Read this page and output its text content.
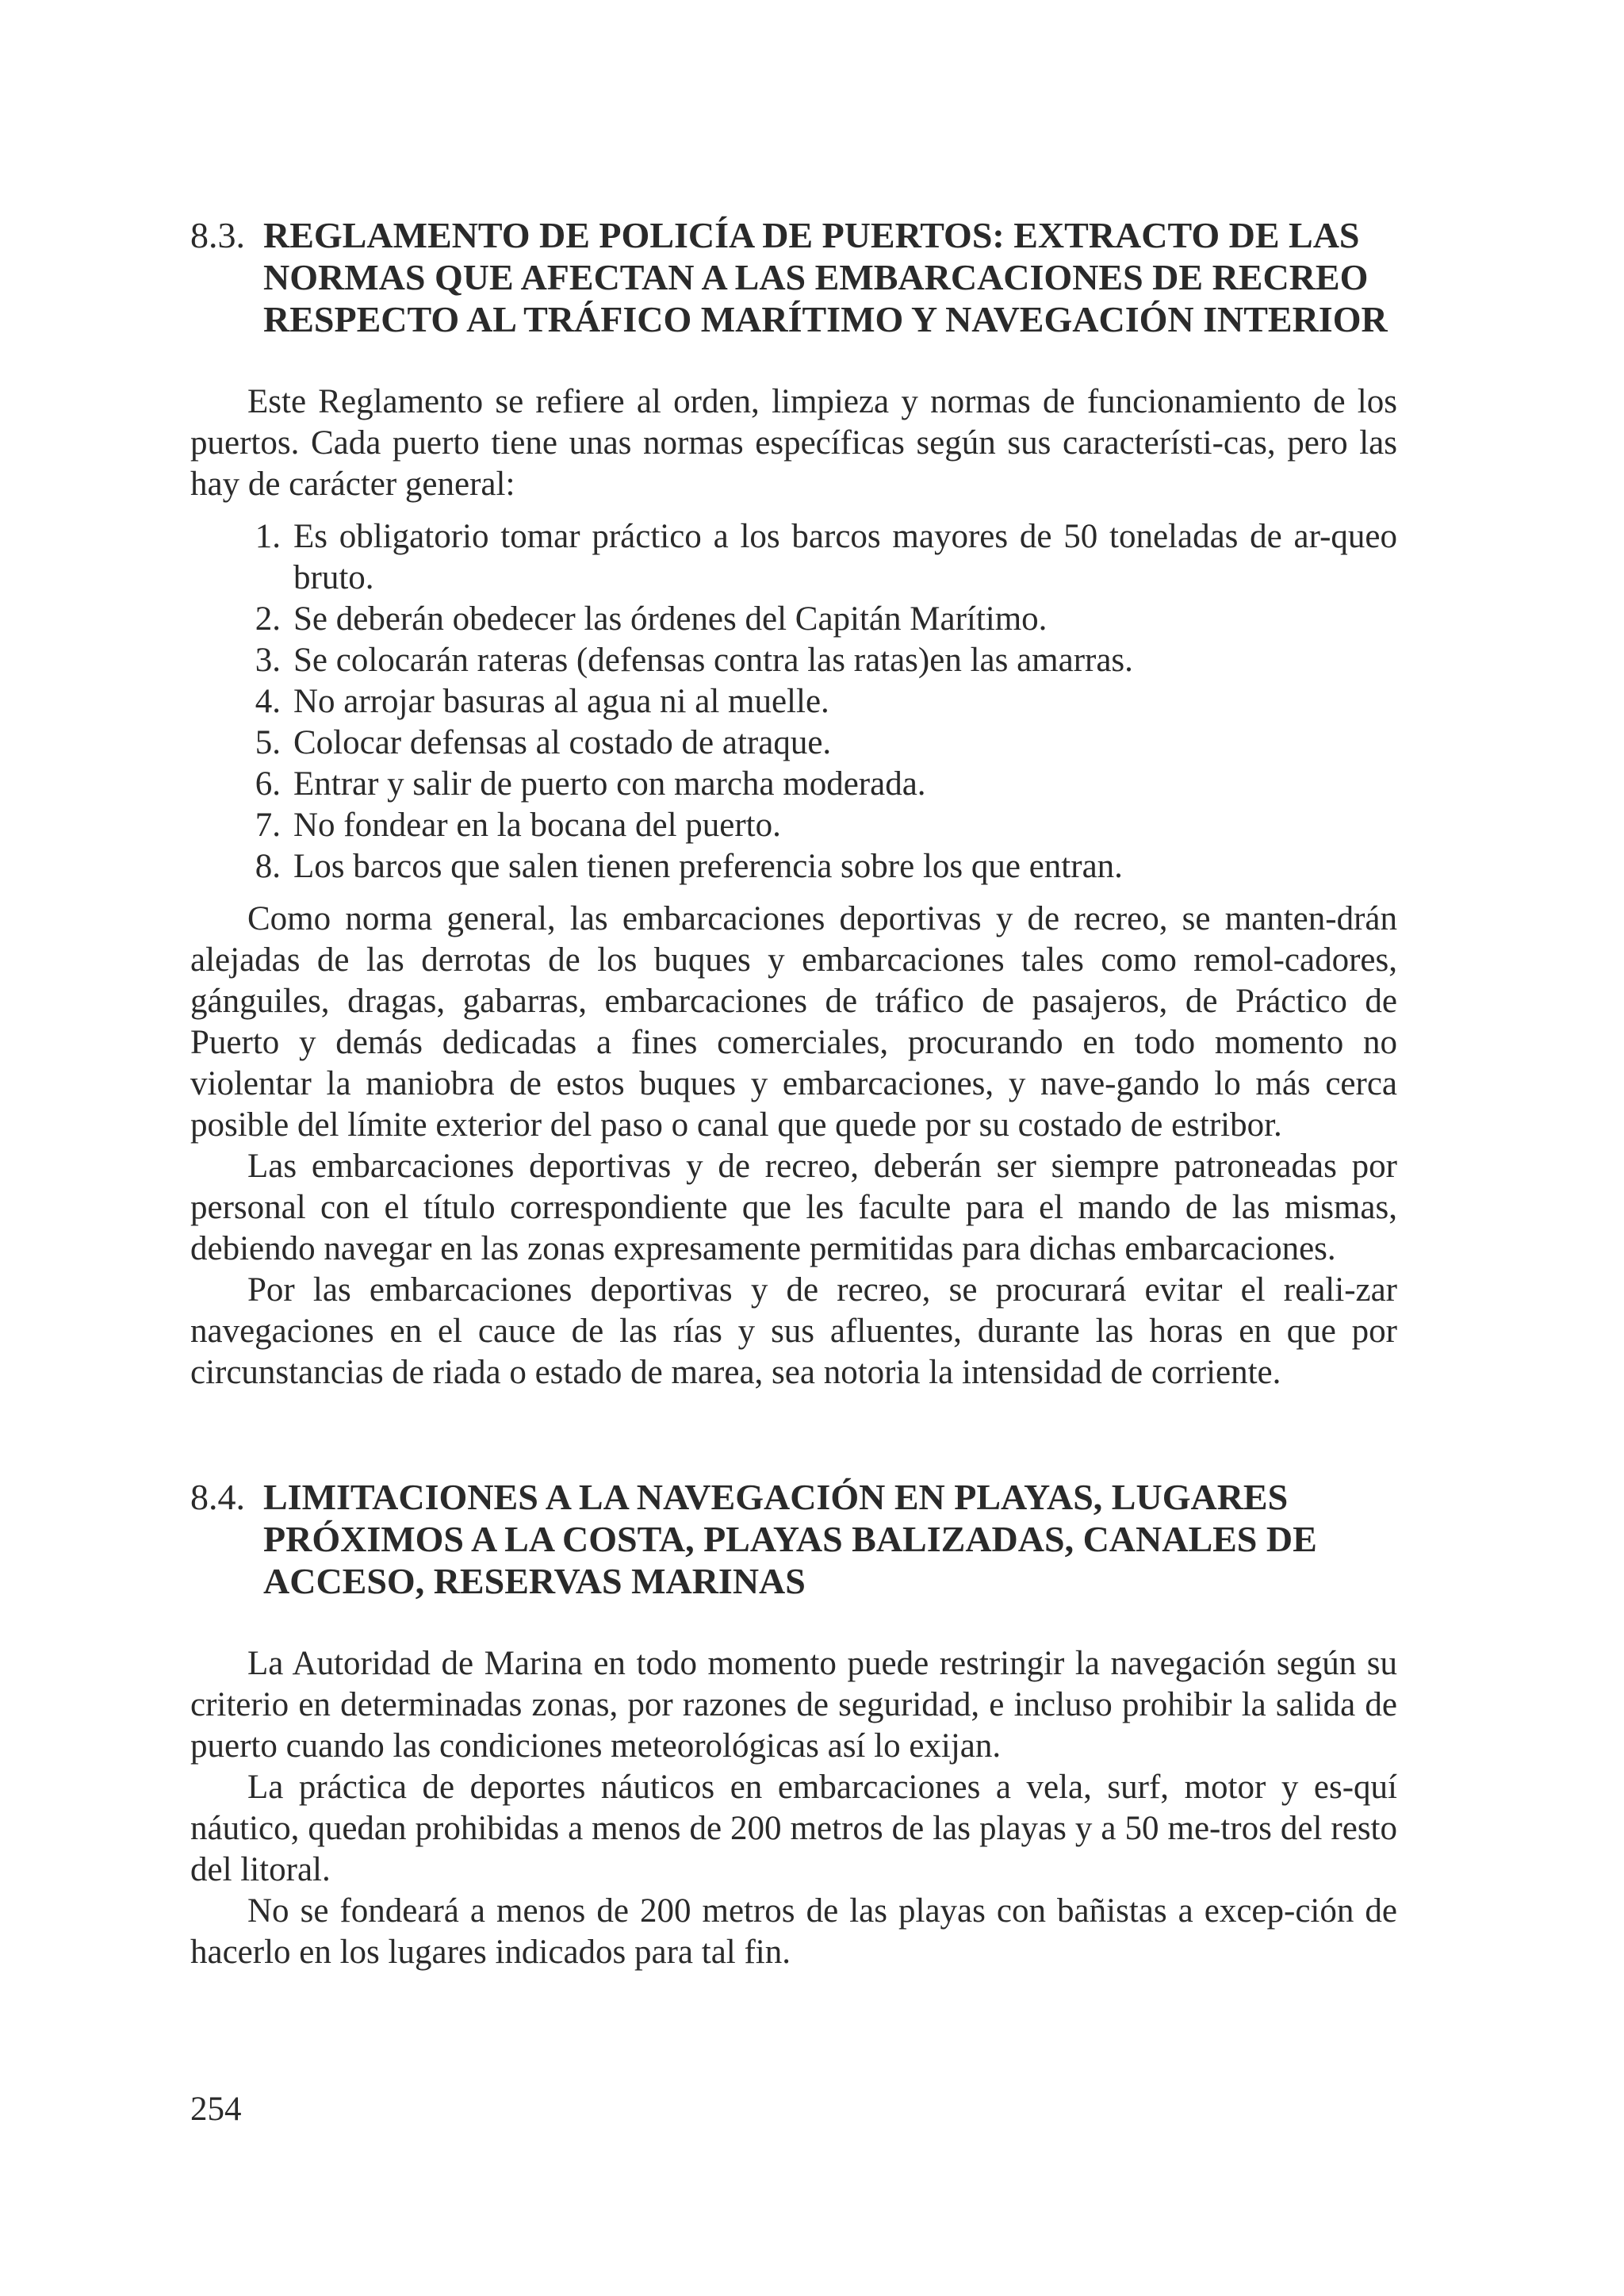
8.3. REGLAMENTO DE POLICÍA DE PUERTOS: EXTRACTO DE LAS
NORMAS QUE AFECTAN A LAS EMBARCACIONES DE RECREO
RESPECTO AL TRÁFICO MARÍTIMO Y NAVEGACIÓN INTERIOR

Este Reglamento se refiere al orden, limpieza y normas de funcionamiento de los puertos. Cada puerto tiene unas normas específicas según sus característi-cas, pero las hay de carácter general:

1. Es obligatorio tomar práctico a los barcos mayores de 50 toneladas de ar-queo bruto.
2. Se deberán obedecer las órdenes del Capitán Marítimo.
3. Se colocarán rateras (defensas contra las ratas)en las amarras.
4. No arrojar basuras al agua ni al muelle.
5. Colocar defensas al costado de atraque.
6. Entrar y salir de puerto con marcha moderada.
7. No fondear en la bocana del puerto.
8. Los barcos que salen tienen preferencia sobre los que entran.

Como norma general, las embarcaciones deportivas y de recreo, se manten-drán alejadas de las derrotas de los buques y embarcaciones tales como remol-cadores, gánguiles, dragas, gabarras, embarcaciones de tráfico de pasajeros, de Práctico de Puerto y demás dedicadas a fines comerciales, procurando en todo momento no violentar la maniobra de estos buques y embarcaciones, y nave-gando lo más cerca posible del límite exterior del paso o canal que quede por su costado de estribor.

Las embarcaciones deportivas y de recreo, deberán ser siempre patroneadas por personal con el título correspondiente que les faculte para el mando de las mismas, debiendo navegar en las zonas expresamente permitidas para dichas embarcaciones.

Por las embarcaciones deportivas y de recreo, se procurará evitar el reali-zar navegaciones en el cauce de las rías y sus afluentes, durante las horas en que por circunstancias de riada o estado de marea, sea notoria la intensidad de corriente.

8.4. LIMITACIONES A LA NAVEGACIÓN EN PLAYAS, LUGARES
PRÓXIMOS A LA COSTA, PLAYAS BALIZADAS, CANALES DE
ACCESO, RESERVAS MARINAS

La Autoridad de Marina en todo momento puede restringir la navegación según su criterio en determinadas zonas, por razones de seguridad, e incluso prohibir la salida de puerto cuando las condiciones meteorológicas así lo exijan.

La práctica de deportes náuticos en embarcaciones a vela, surf, motor y es-quí náutico, quedan prohibidas a menos de 200 metros de las playas y a 50 me-tros del resto del litoral.

No se fondeará a menos de 200 metros de las playas con bañistas a excep-ción de hacerlo en los lugares indicados para tal fin.

254
